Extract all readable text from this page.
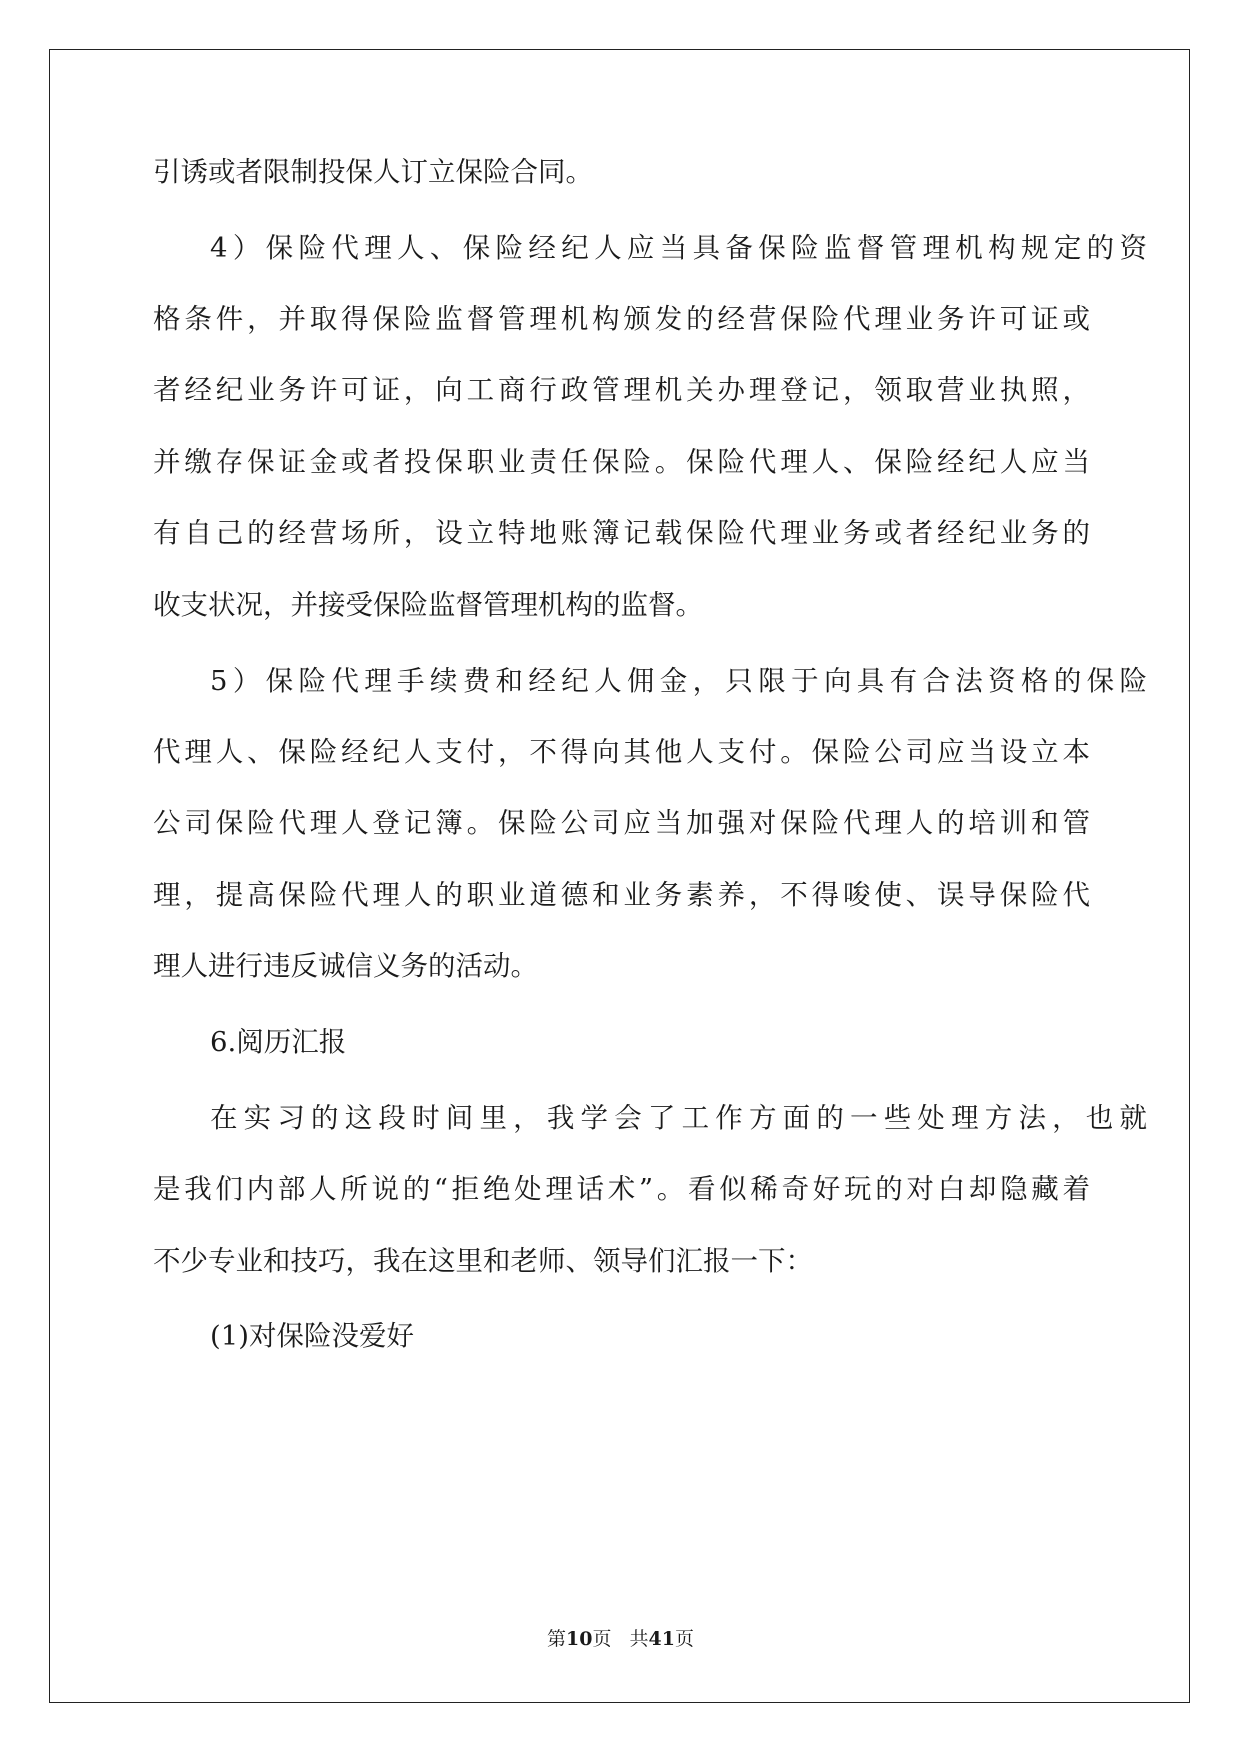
引诱或者限制投保人订立保险合同。
4）保险代理人、保险经纪人应当具备保险监督管理机构规定的资
格条件，并取得保险监督管理机构颁发的经营保险代理业务许可证或
者经纪业务许可证，向工商行政管理机关办理登记，领取营业执照，
并缴存保证金或者投保职业责任保险。保险代理人、保险经纪人应当
有自己的经营场所，设立特地账簿记载保险代理业务或者经纪业务的
收支状况，并接受保险监督管理机构的监督。
5）保险代理手续费和经纪人佣金，只限于向具有合法资格的保险
代理人、保险经纪人支付，不得向其他人支付。保险公司应当设立本
公司保险代理人登记簿。保险公司应当加强对保险代理人的培训和管
理，提高保险代理人的职业道德和业务素养，不得唆使、误导保险代
理人进行违反诚信义务的活动。
6.阅历汇报
在实习的这段时间里，我学会了工作方面的一些处理方法，也就
是我们内部人所说的“拒绝处理话术”。看似稀奇好玩的对白却隐藏着
不少专业和技巧，我在这里和老师、领导们汇报一下：
(1)对保险没爱好
第10页 共41页
